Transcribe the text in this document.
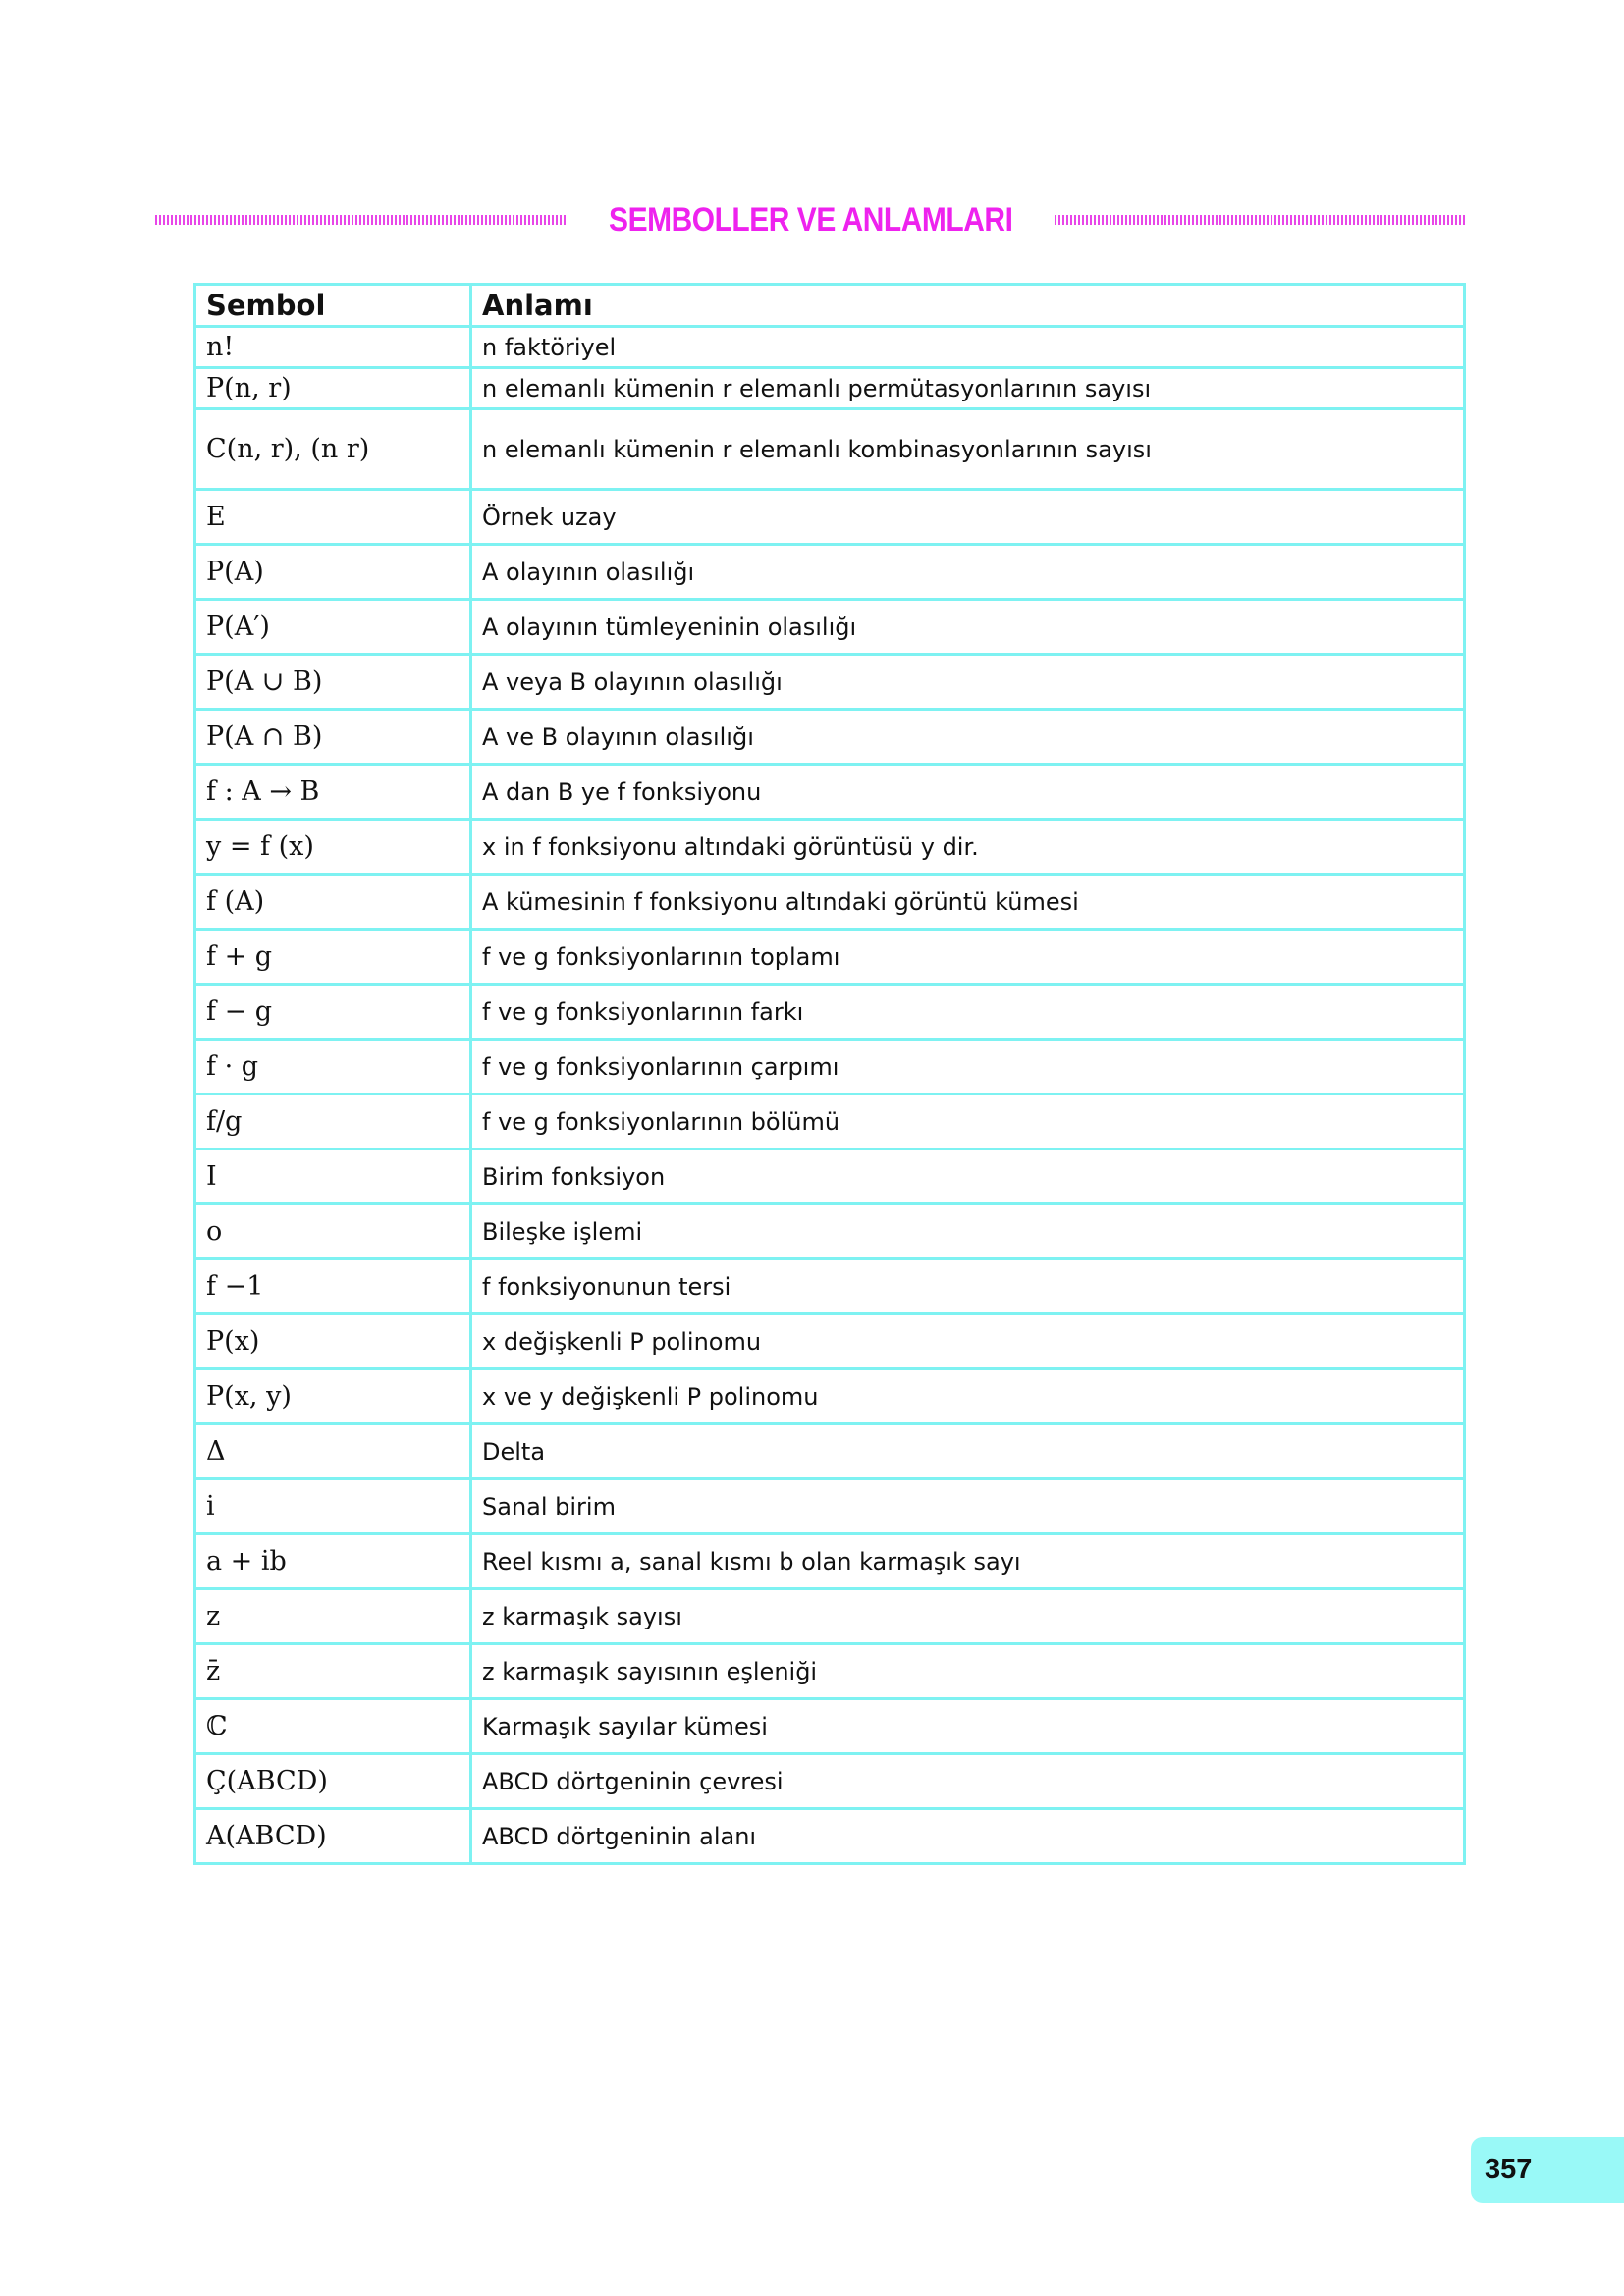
SEMBOLLER VE ANLAMLARI
Sembol	Anlamı
n!	n faktöriyel
P(n, r)	n elemanlı kümenin r elemanlı permütasyonlarının sayısı
C(n, r), (n r)	n elemanlı kümenin r elemanlı kombinasyonlarının sayısı
E	Örnek uzay
P(A)	A olayının olasılığı
P(A′)	A olayının tümleyeninin olasılığı
P(A ∪ B)	A veya B olayının olasılığı
P(A ∩ B)	A ve B olayının olasılığı
f : A → B	A dan B ye f fonksiyonu
y = f (x)	x in f fonksiyonu altındaki görüntüsü y dir.
f (A)	A kümesinin f fonksiyonu altındaki görüntü kümesi
f + g	f ve g fonksiyonlarının toplamı
f − g	f ve g fonksiyonlarının farkı
f · g	f ve g fonksiyonlarının çarpımı
f/g	f ve g fonksiyonlarının bölümü
I	Birim fonksiyon
o	Bileşke işlemi
f −1	f fonksiyonunun tersi
P(x)	x değişkenli P polinomu
P(x, y)	x ve y değişkenli P polinomu
Δ	Delta
i	Sanal birim
a + ib	Reel kısmı a, sanal kısmı b olan karmaşık sayı
z	z karmaşık sayısı
z̄	z karmaşık sayısının eşleniği
ℂ	Karmaşık sayılar kümesi
Ç(ABCD)	ABCD dörtgeninin çevresi
A(ABCD)	ABCD dörtgeninin alanı
357
